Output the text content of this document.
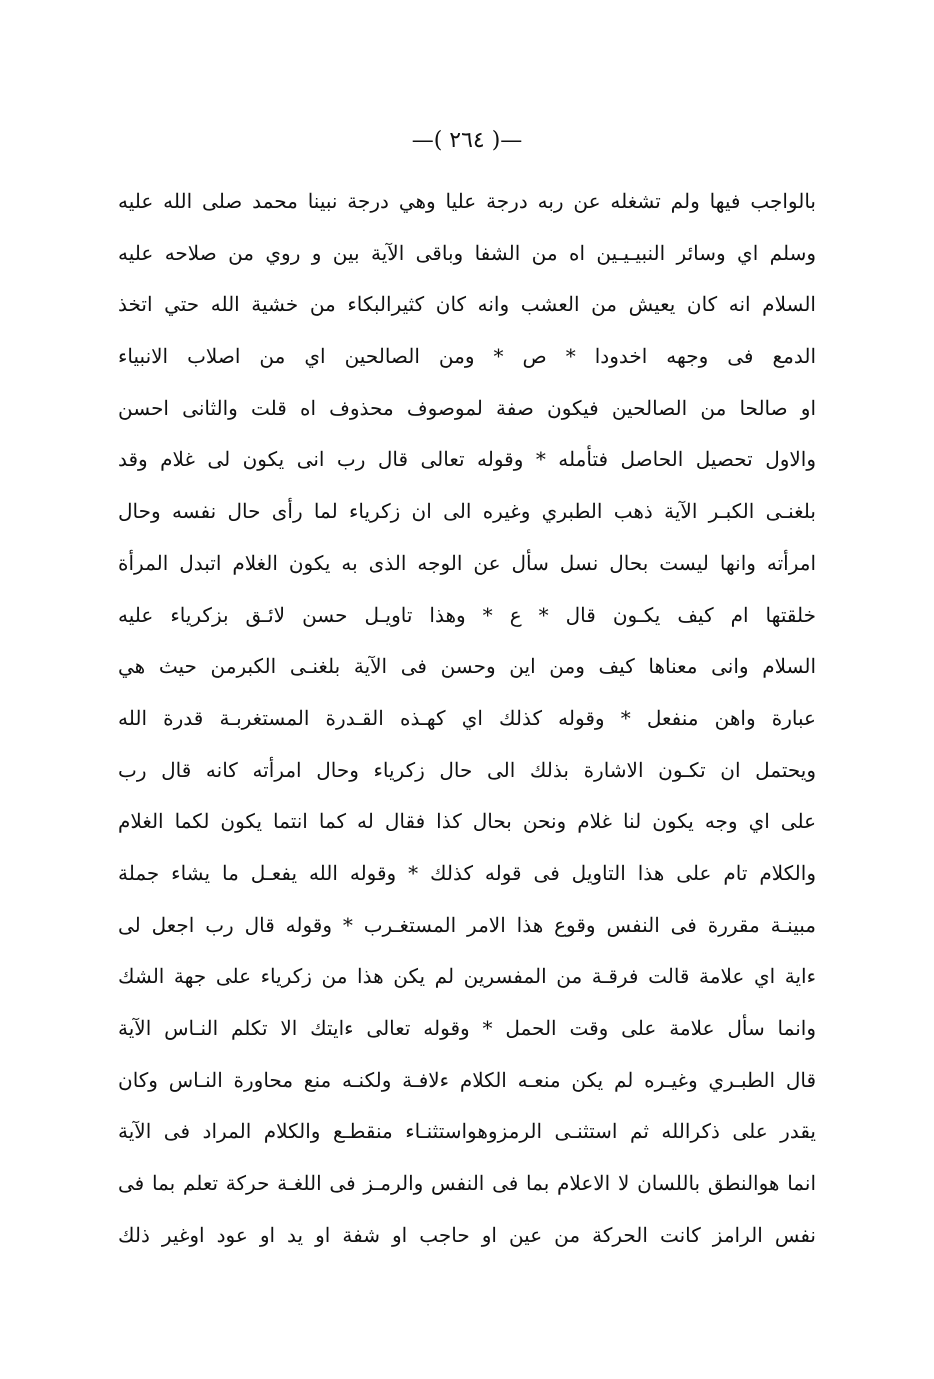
—( ٢٦٤ )—
بالواجب فيها ولم تشغله عن ربه درجة عليا وهي درجة نبينا محمد صلى الله عليه
وسلم اي وسائر النبيـيـين اه من الشفا وباقى الآية بين و روي من صلاحه عليه
السلام انه كان يعيش من العشب وانه كان كثيرالبكاء من خشية الله حتي اتخذ
الدمع فى وجهه اخدودا * ص * ومن الصالحين اي من اصلاب الانبياء
او صالحا من الصالحين فيكون صفة لموصوف محذوف اه قلت والثانى احسن
والاول تحصيل الحاصل فتأمله * وقوله تعالى قال رب انى يكون لى غلام وقد
بلغنـى الكبـر الآية ذهب الطبري وغيره الى ان زكرياء لما رأى حال نفسه وحال
امرأته وانها ليست بحال نسل سأل عن الوجه الذى به يكون الغلام اتبدل المرأة
خلقتها ام كيف يكـون قال * ع * وهذا تاويـل حسن لائـق بزكرياء عليه
السلام وانى معناها كيف ومن اين وحسن فى الآية بلغنـى الكبرمن حيث هي
عبارة واهن منفعل * وقوله كذلك اي كهـذه القـدرة المستغربـة قدرة الله
ويحتمل ان تكـون الاشارة بذلك الى حال زكرياء وحال امرأته كانه قال رب
على اي وجه يكون لنا غلام ونحن بحال كذا فقال له كما انتما يكون لكما الغلام
والكلام تام على هذا التاويل فى قوله كذلك * وقوله الله يفعـل ما يشاء جملة
مبينـة مقررة فى النفس وقوع هذا الامر المستغـرب * وقوله قال رب اجعل لى
ءاية اي علامة قالت فرقـة من المفسرين لم يكن هذا من زكرياء على جهة الشك
وانما سأل علامة على وقت الحمل * وقوله تعالى ءايتك الا تكلم النـاس الآية
قال الطبـري وغيـره لم يكن منعـه الكلام ءلافـة ولكنـه منع محاورة النـاس وكان
يقدر على ذكرالله ثم استثنـى الرمزوهواستثنـاء منقطـع والكلام المراد فى الآية
انما هوالنطق باللسان لا الاعلام بما فى النفس والرمـز فى اللغـة حركة تعلم بما فى
نفس الرامز كانت الحركة من عين او حاجب او شفة او يد او عود اوغير ذلك
